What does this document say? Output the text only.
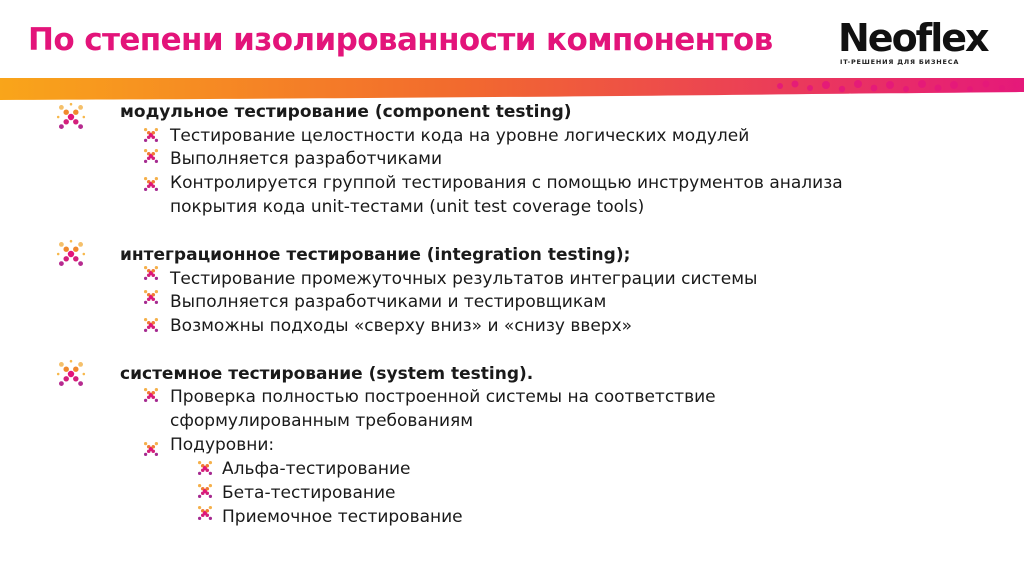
По степени изолированности компонентов Neoflex
IT-РЕШЕНИЯ ДЛЯ БИЗНЕСА
модульное тестирование (component testing)
Тестирование целостности кода на уровне логических модулей
Выполняется разработчиками
Контролируется группой тестирования с помощью инструментов анализа
покрытия кода unit-тестами (unit test coverage tools)
интеграционное тестирование (integration testing);
Тестирование промежуточных результатов интеграции системы
Выполняется разработчиками и тестировщикам
Возможны подходы «сверху вниз» и «снизу вверх»
системное тестирование (system testing).
Проверка полностью построенной системы на соответствие
сформулированным требованиям
Подуровни:
Альфа-тестирование
Бета-тестирование
Приемочное тестирование
